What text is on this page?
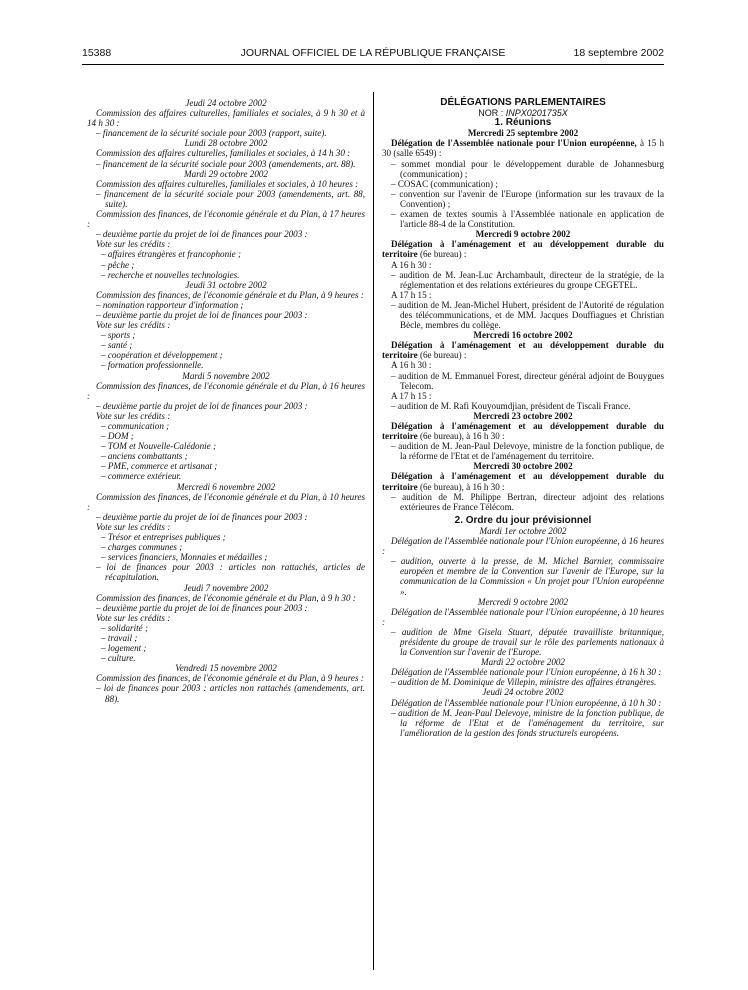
15388	JOURNAL OFFICIEL DE LA RÉPUBLIQUE FRANÇAISE	18 septembre 2002

Jeudi 24 octobre 2002

Commission des affaires culturelles, familiales et sociales, à 9 h 30 et à 14 h 30 :

– financement de la sécurité sociale pour 2003 (rapport, suite).

Lundi 28 octobre 2002

Commission des affaires culturelles, familiales et sociales, à 14 h 30 :

– financement de la sécurité sociale pour 2003 (amendements, art. 88).

Mardi 29 octobre 2002

Commission des affaires culturelles, familiales et sociales, à 10 heures :

– financement de la sécurité sociale pour 2003 (amendements, art. 88, suite).

Commission des finances, de l'économie générale et du Plan, à 17 heures :

– deuxième partie du projet de loi de finances pour 2003 :

Vote sur les crédits :

– affaires étrangères et francophonie ;

– pêche ;

– recherche et nouvelles technologies.

Jeudi 31 octobre 2002

Commission des finances, de l'économie générale et du Plan, à 9 heures :

– nomination rapporteur d'information ;

– deuxième partie du projet de loi de finances pour 2003 :

Vote sur les crédits :

– sports ;

– santé ;

– coopération et développement ;

– formation professionnelle.

Mardi 5 novembre 2002

Commission des finances, de l'économie générale et du Plan, à 16 heures :

– deuxième partie du projet de loi de finances pour 2003 :

Vote sur les crédits :

– communication ;

– DOM ;

– TOM et Nouvelle-Calédonie ;

– anciens combattants ;

– PME, commerce et artisanat ;

– commerce extérieur.

Mercredi 6 novembre 2002

Commission des finances, de l'économie générale et du Plan, à 10 heures :

– deuxième partie du projet de loi de finances pour 2003 :

Vote sur les crédits :

– Trésor et entreprises publiques ;

– charges communes ;

– services financiers, Monnaies et médailles ;

– loi de finances pour 2003 : articles non rattachés, articles de récapitulation.

Jeudi 7 novembre 2002

Commission des finances, de l'économie générale et du Plan, à 9 h 30 :

– deuxième partie du projet de loi de finances pour 2003 :

Vote sur les crédits :

– solidarité ;

– travail ;

– logement ;

– culture.

Vendredi 15 novembre 2002

Commission des finances, de l'économie générale et du Plan, à 9 heures :

– loi de finances pour 2003 : articles non rattachés (amendements, art. 88).

DÉLÉGATIONS PARLEMENTAIRES

NOR : INPX0201735X

1. Réunions

Mercredi 25 septembre 2002

Délégation de l'Assemblée nationale pour l'Union européenne, à 15 h 30 (salle 6549) :

– sommet mondial pour le développement durable de Johannesburg (communication) ;

– COSAC (communication) ;

– convention sur l'avenir de l'Europe (information sur les travaux de la Convention) ;

– examen de textes soumis à l'Assemblée nationale en application de l'article 88-4 de la Constitution.

Mercredi 9 octobre 2002

Délégation à l'aménagement et au développement durable du territoire (6e bureau) :

A 16 h 30 :

– audition de M. Jean-Luc Archambault, directeur de la stratégie, de la réglementation et des relations extérieures du groupe CEGETEL.

A 17 h 15 :

– audition de M. Jean-Michel Hubert, président de l'Autorité de régulation des télécommunications, et de MM. Jacques Douffiagues et Christian Bècle, membres du collège.

Mercredi 16 octobre 2002

Délégation à l'aménagement et au développement durable du territoire (6e bureau) :

A 16 h 30 :

– audition de M. Emmanuel Forest, directeur général adjoint de Bouygues Telecom.

A 17 h 15 :

– audition de M. Rafi Kouyoumdjian, président de Tiscali France.

Mercredi 23 octobre 2002

Délégation à l'aménagement et au développement durable du territoire (6e bureau), à 16 h 30 :

– audition de M. Jean-Paul Delevoye, ministre de la fonction publique, de la réforme de l'Etat et de l'aménagement du territoire.

Mercredi 30 octobre 2002

Délégation à l'aménagement et au développement durable du territoire (6e bureau), à 16 h 30 :

– audition de M. Philippe Bertran, directeur adjoint des relations extérieures de France Télécom.

2. Ordre du jour prévisionnel

Mardi 1er octobre 2002

Délégation de l'Assemblée nationale pour l'Union européenne, à 16 heures :

– audition, ouverte à la presse, de M. Michel Barnier, commissaire européen et membre de la Convention sur l'avenir de l'Europe, sur la communication de la Commission « Un projet pour l'Union européenne ».

Mercredi 9 octobre 2002

Délégation de l'Assemblée nationale pour l'Union européenne, à 10 heures :

– audition de Mme Gisela Stuart, députée travailliste britannique, présidente du groupe de travail sur le rôle des parlements nationaux à la Convention sur l'avenir de l'Europe.

Mardi 22 octobre 2002

Délégation de l'Assemblée nationale pour l'Union européenne, à 16 h 30 :

– audition de M. Dominique de Villepin, ministre des affaires étrangères.

Jeudi 24 octobre 2002

Délégation de l'Assemblée nationale pour l'Union européenne, à 10 h 30 :

– audition de M. Jean-Paul Delevoye, ministre de la fonction publique, de la réforme de l'Etat et de l'aménagement du territoire, sur l'amélioration de la gestion des fonds structurels européens.
